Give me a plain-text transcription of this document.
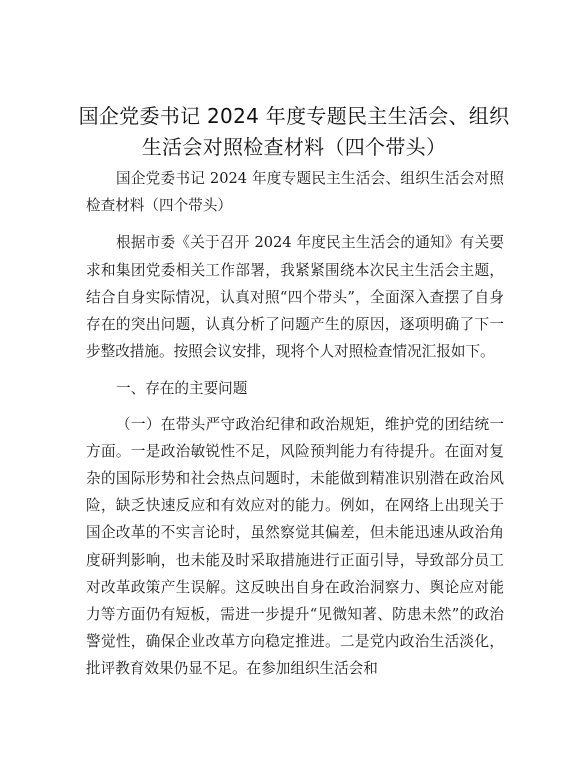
国企党委书记 2024 年度专题民主生活会、组织
生活会对照检查材料（四个带头）

国企党委书记 2024 年度专题民主生活会、组织生活会对照检查材料（四个带头）

根据市委《关于召开 2024 年度民主生活会的通知》有关要求和集团党委相关工作部署，我紧紧围绕本次民主生活会主题，结合自身实际情况，认真对照“四个带头”，全面深入查摆了自身存在的突出问题，认真分析了问题产生的原因，逐项明确了下一步整改措施。按照会议安排，现将个人对照检查情况汇报如下。

一、存在的主要问题

（一）在带头严守政治纪律和政治规矩，维护党的团结统一方面。一是政治敏锐性不足，风险预判能力有待提升。在面对复杂的国际形势和社会热点问题时，未能做到精准识别潜在政治风险，缺乏快速反应和有效应对的能力。例如，在网络上出现关于国企改革的不实言论时，虽然察觉其偏差，但未能迅速从政治角度研判影响，也未能及时采取措施进行正面引导，导致部分员工对改革政策产生误解。这反映出自身在政治洞察力、舆论应对能力等方面仍有短板，需进一步提升“见微知著、防患未然”的政治警觉性，确保企业改革方向稳定推进。二是党内政治生活淡化，批评教育效果仍显不足。在参加组织生活会和
